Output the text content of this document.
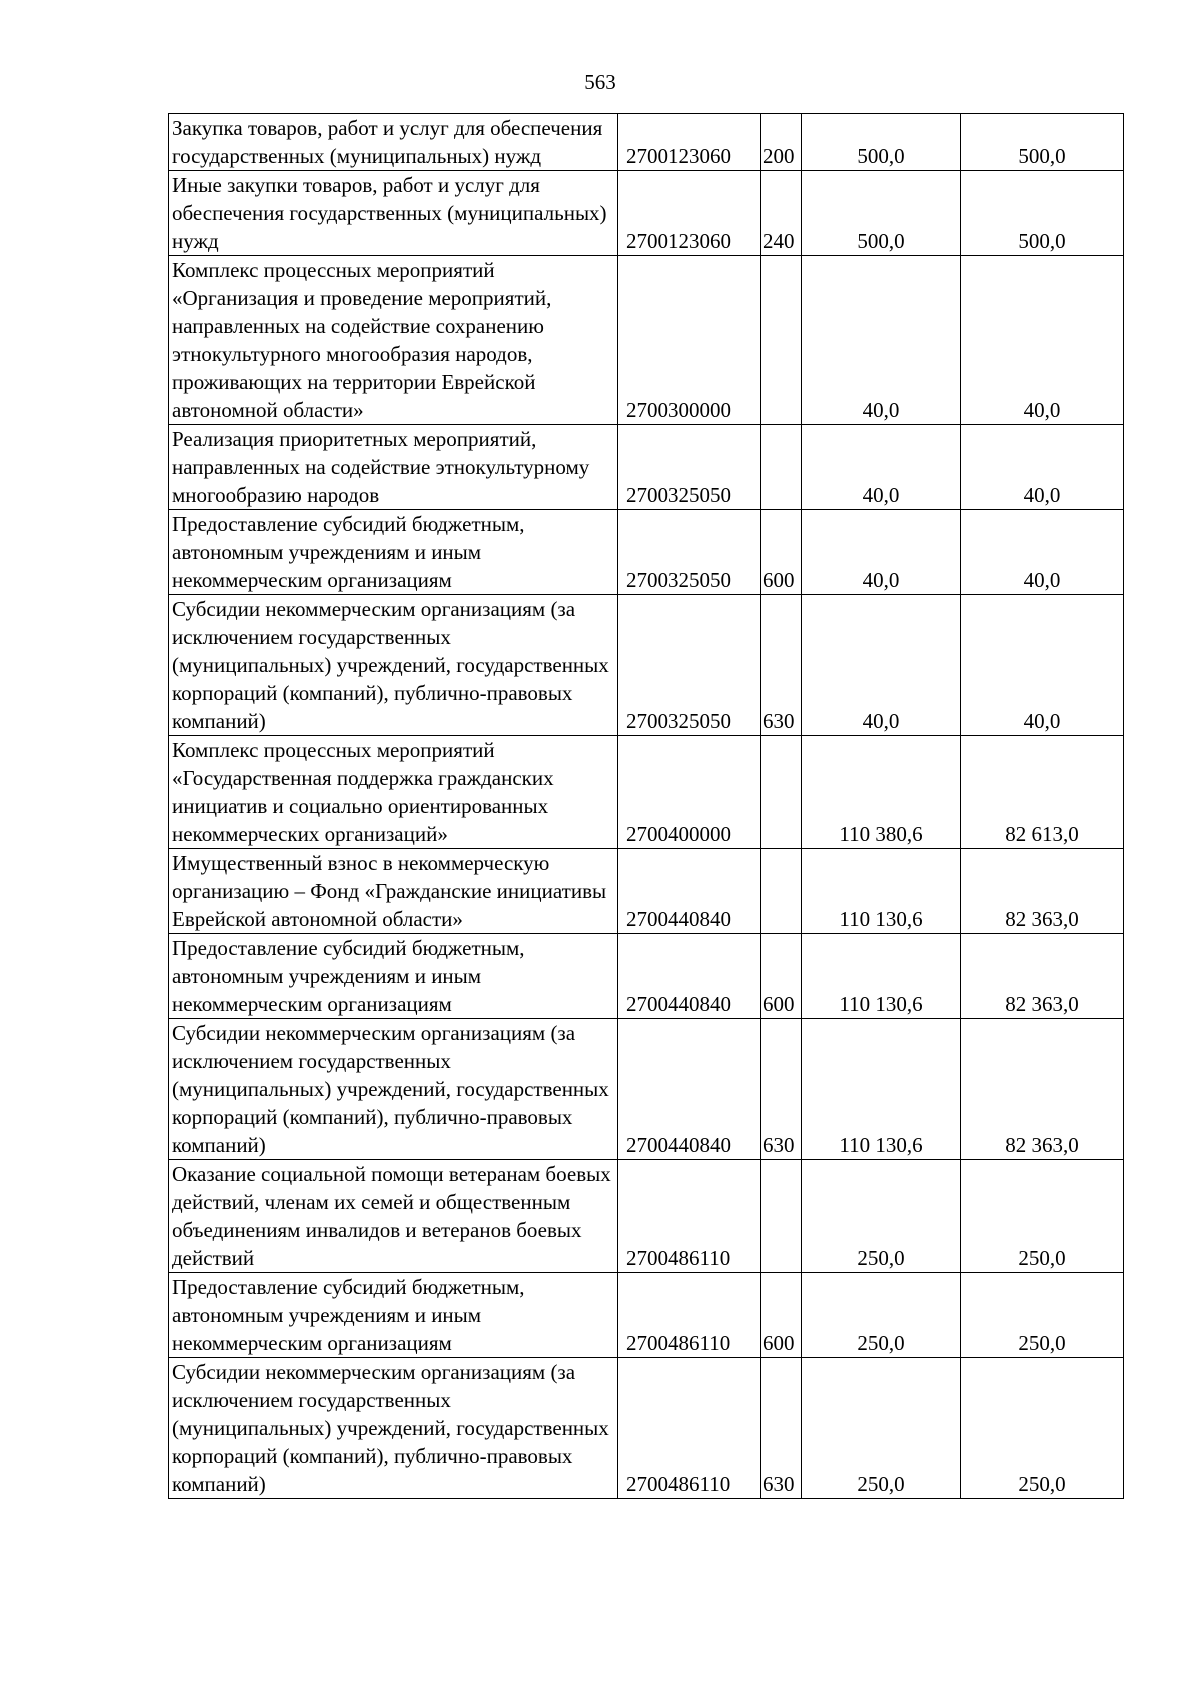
563
Закупка товаров, работ и услуг для обеспечения государственных (муниципальных) нужд	2700123060	200	500,0	500,0
Иные закупки товаров, работ и услуг для обеспечения государственных (муниципальных) нужд	2700123060	240	500,0	500,0
Комплекс процессных мероприятий «Организация и проведение мероприятий, направленных на содействие сохранению этнокультурного многообразия народов, проживающих на территории Еврейской автономной области»	2700300000		40,0	40,0
Реализация приоритетных мероприятий, направленных на содействие этнокультурному многообразию народов	2700325050		40,0	40,0
Предоставление субсидий бюджетным, автономным учреждениям и иным некоммерческим организациям	2700325050	600	40,0	40,0
Субсидии некоммерческим организациям (за исключением государственных (муниципальных) учреждений, государственных корпораций (компаний), публично-правовых компаний)	2700325050	630	40,0	40,0
Комплекс процессных мероприятий «Государственная поддержка гражданских инициатив и социально ориентированных некоммерческих организаций»	2700400000		110 380,6	82 613,0
Имущественный взнос в некоммерческую организацию – Фонд «Гражданские инициативы Еврейской автономной области»	2700440840		110 130,6	82 363,0
Предоставление субсидий бюджетным, автономным учреждениям и иным некоммерческим организациям	2700440840	600	110 130,6	82 363,0
Субсидии некоммерческим организациям (за исключением государственных (муниципальных) учреждений, государственных корпораций (компаний), публично-правовых компаний)	2700440840	630	110 130,6	82 363,0
Оказание социальной помощи ветеранам боевых действий, членам их семей и общественным объединениям инвалидов и ветеранов боевых действий	2700486110		250,0	250,0
Предоставление субсидий бюджетным, автономным учреждениям и иным некоммерческим организациям	2700486110	600	250,0	250,0
Субсидии некоммерческим организациям (за исключением государственных (муниципальных) учреждений, государственных корпораций (компаний), публично-правовых компаний)	2700486110	630	250,0	250,0
